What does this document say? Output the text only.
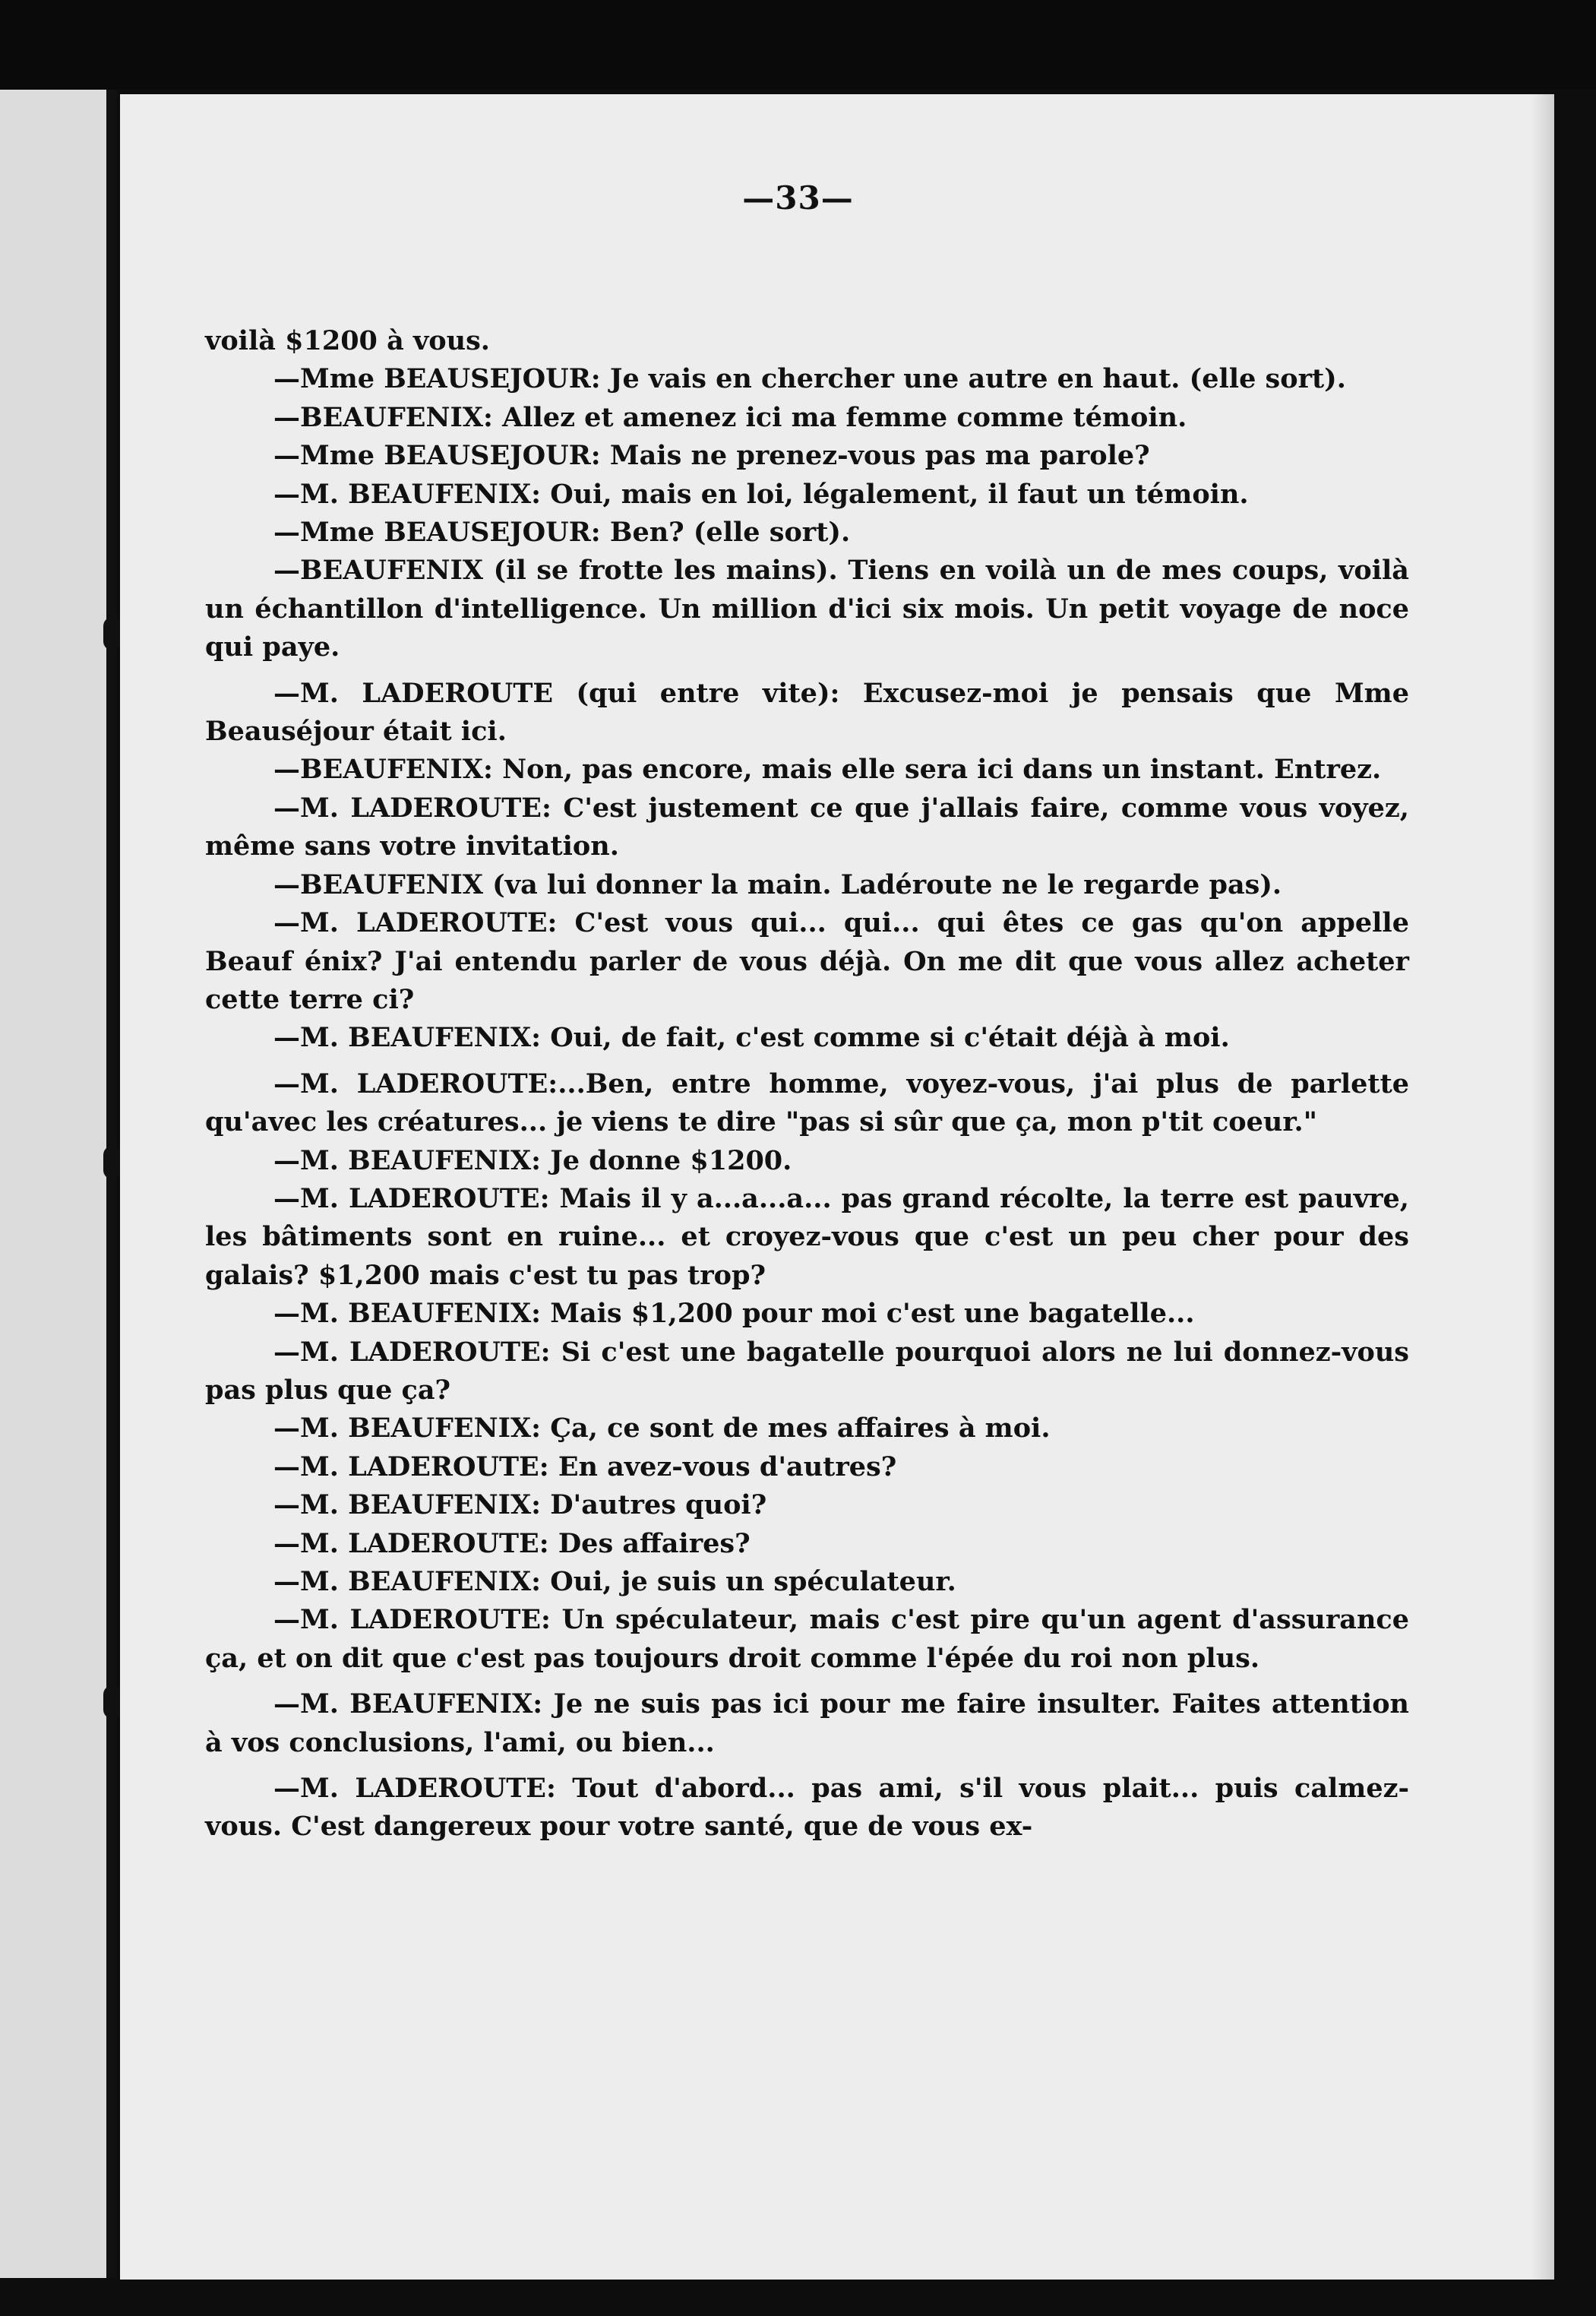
—33—

voilà $1200 à vous.

—Mme BEAUSEJOUR: Je vais en chercher une autre en haut. (elle sort).

—BEAUFENIX: Allez et amenez ici ma femme comme témoin.

—Mme BEAUSEJOUR: Mais ne prenez-vous pas ma parole?

—M. BEAUFENIX: Oui, mais en loi, légalement, il faut un témoin.

—Mme BEAUSEJOUR: Ben? (elle sort).

—BEAUFENIX (il se frotte les mains). Tiens en voilà un de mes coups, voilà un échantillon d'intelligence. Un million d'ici six mois. Un petit voyage de noce qui paye.

—M. LADEROUTE (qui entre vite): Excusez-moi je pensais que Mme Beauséjour était ici.

—BEAUFENIX: Non, pas encore, mais elle sera ici dans un instant. Entrez.

—M. LADEROUTE: C'est justement ce que j'allais faire, comme vous voyez, même sans votre invitation.

—BEAUFENIX (va lui donner la main. Ladéroute ne le regarde pas).

—M. LADEROUTE: C'est vous qui... qui... qui êtes ce gas qu'on appelle Beauf énix? J'ai entendu parler de vous déjà. On me dit que vous allez acheter cette terre ci?

—M. BEAUFENIX: Oui, de fait, c'est comme si c'était déjà à moi.

—M. LADEROUTE:...Ben, entre homme, voyez-vous, j'ai plus de parlette qu'avec les créatures... je viens te dire "pas si sûr que ça, mon p'tit coeur."

—M. BEAUFENIX: Je donne $1200.

—M. LADEROUTE: Mais il y a...a...a... pas grand récolte, la terre est pauvre, les bâtiments sont en ruine... et croyez-vous que c'est un peu cher pour des galais? $1,200 mais c'est tu pas trop?

—M. BEAUFENIX: Mais $1,200 pour moi c'est une bagatelle...

—M. LADEROUTE: Si c'est une bagatelle pourquoi alors ne lui donnez-vous pas plus que ça?

—M. BEAUFENIX: Ça, ce sont de mes affaires à moi.

—M. LADEROUTE: En avez-vous d'autres?

—M. BEAUFENIX: D'autres quoi?

—M. LADEROUTE: Des affaires?

—M. BEAUFENIX: Oui, je suis un spéculateur.

—M. LADEROUTE: Un spéculateur, mais c'est pire qu'un agent d'assurance ça, et on dit que c'est pas toujours droit comme l'épée du roi non plus.

—M. BEAUFENIX: Je ne suis pas ici pour me faire insulter. Faites attention à vos conclusions, l'ami, ou bien...

—M. LADEROUTE: Tout d'abord... pas ami, s'il vous plait... puis calmez-vous. C'est dangereux pour votre santé, que de vous ex-
